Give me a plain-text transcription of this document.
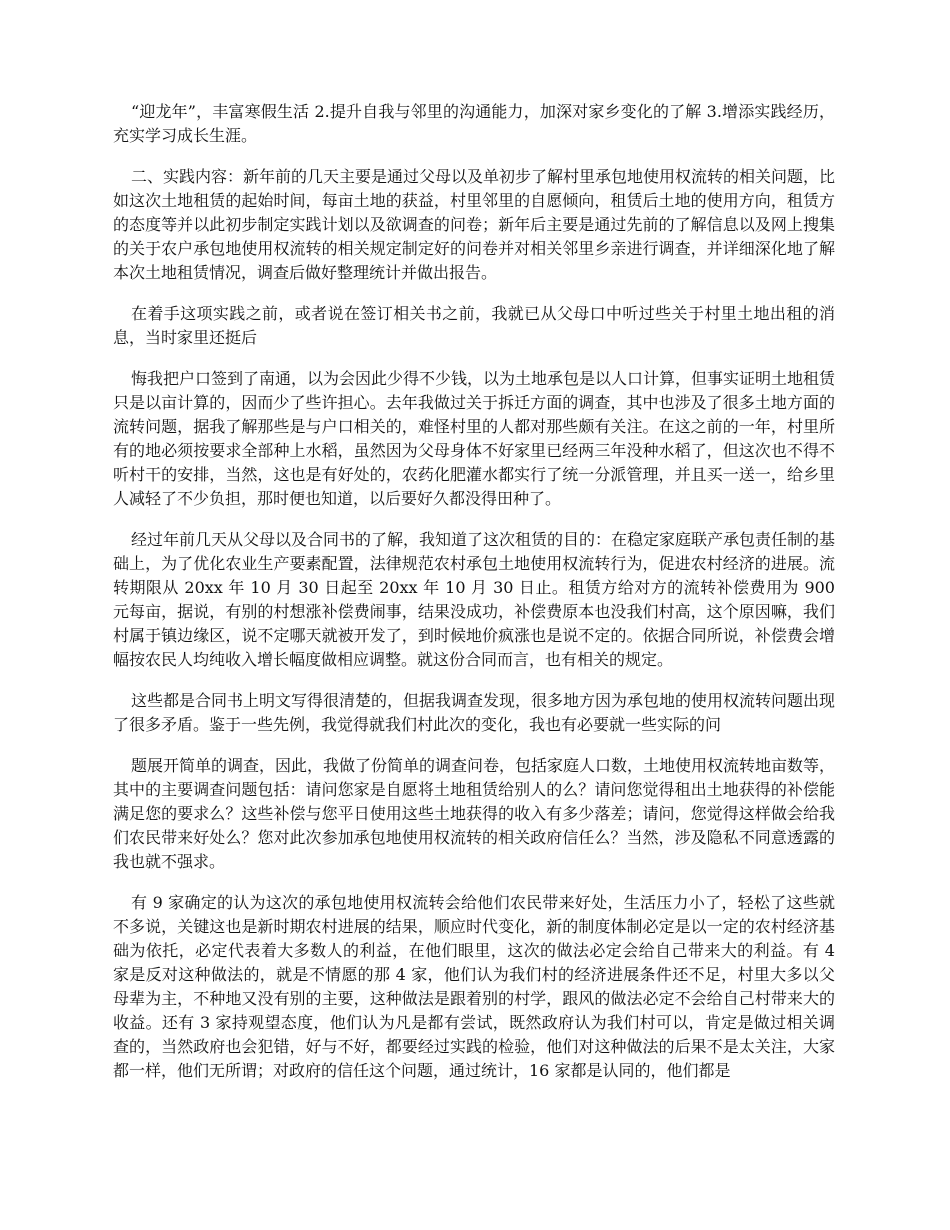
“迎龙年”，丰富寒假生活 2.提升自我与邻里的沟通能力，加深对家乡变化的了解 3.增添实践经历，充实学习成长生涯。

二、实践内容：新年前的几天主要是通过父母以及单初步了解村里承包地使用权流转的相关问题，比如这次土地租赁的起始时间，每亩土地的获益，村里邻里的自愿倾向，租赁后土地的使用方向，租赁方的态度等并以此初步制定实践计划以及欲调查的问卷；新年后主要是通过先前的了解信息以及网上搜集的关于农户承包地使用权流转的相关规定制定好的问卷并对相关邻里乡亲进行调查，并详细深化地了解本次土地租赁情况，调查后做好整理统计并做出报告。

在着手这项实践之前，或者说在签订相关书之前，我就已从父母口中听过些关于村里土地出租的消息，当时家里还挺后

悔我把户口签到了南通，以为会因此少得不少钱，以为土地承包是以人口计算，但事实证明土地租赁只是以亩计算的，因而少了些许担心。去年我做过关于拆迁方面的调查，其中也涉及了很多土地方面的流转问题，据我了解那些是与户口相关的，难怪村里的人都对那些颇有关注。在这之前的一年，村里所有的地必须按要求全部种上水稻，虽然因为父母身体不好家里已经两三年没种水稻了，但这次也不得不听村干的安排，当然，这也是有好处的，农药化肥灌水都实行了统一分派管理，并且买一送一，给乡里人减轻了不少负担，那时便也知道，以后要好久都没得田种了。

经过年前几天从父母以及合同书的了解，我知道了这次租赁的目的：在稳定家庭联产承包责任制的基础上，为了优化农业生产要素配置，法律规范农村承包土地使用权流转行为，促进农村经济的进展。流转期限从 20xx 年 10 月 30 日起至 20xx 年 10 月 30 日止。租赁方给对方的流转补偿费用为 900 元每亩，据说，有别的村想涨补偿费闹事，结果没成功，补偿费原本也没我们村高，这个原因嘛，我们村属于镇边缘区，说不定哪天就被开发了，到时候地价疯涨也是说不定的。依据合同所说，补偿费会增幅按农民人均纯收入增长幅度做相应调整。就这份合同而言，也有相关的规定。

这些都是合同书上明文写得很清楚的，但据我调查发现，很多地方因为承包地的使用权流转问题出现了很多矛盾。鉴于一些先例，我觉得就我们村此次的变化，我也有必要就一些实际的问

题展开简单的调查，因此，我做了份简单的调查问卷，包括家庭人口数，土地使用权流转地亩数等，其中的主要调查问题包括：请问您家是自愿将土地租赁给别人的么？请问您觉得租出土地获得的补偿能满足您的要求么？这些补偿与您平日使用这些土地获得的收入有多少落差；请问，您觉得这样做会给我们农民带来好处么？您对此次参加承包地使用权流转的相关政府信任么？当然，涉及隐私不同意透露的我也就不强求。

有 9 家确定的认为这次的承包地使用权流转会给他们农民带来好处，生活压力小了，轻松了这些就不多说，关键这也是新时期农村进展的结果，顺应时代变化，新的制度体制必定是以一定的农村经济基础为依托，必定代表着大多数人的利益，在他们眼里，这次的做法必定会给自己带来大的利益。有 4 家是反对这种做法的，就是不情愿的那 4 家，他们认为我们村的经济进展条件还不足，村里大多以父母辈为主，不种地又没有别的主要，这种做法是跟着别的村学，跟风的做法必定不会给自己村带来大的收益。还有 3 家持观望态度，他们认为凡是都有尝试，既然政府认为我们村可以，肯定是做过相关调查的，当然政府也会犯错，好与不好，都要经过实践的检验，他们对这种做法的后果不是太关注，大家都一样，他们无所谓；对政府的信任这个问题，通过统计，16 家都是认同的，他们都是
